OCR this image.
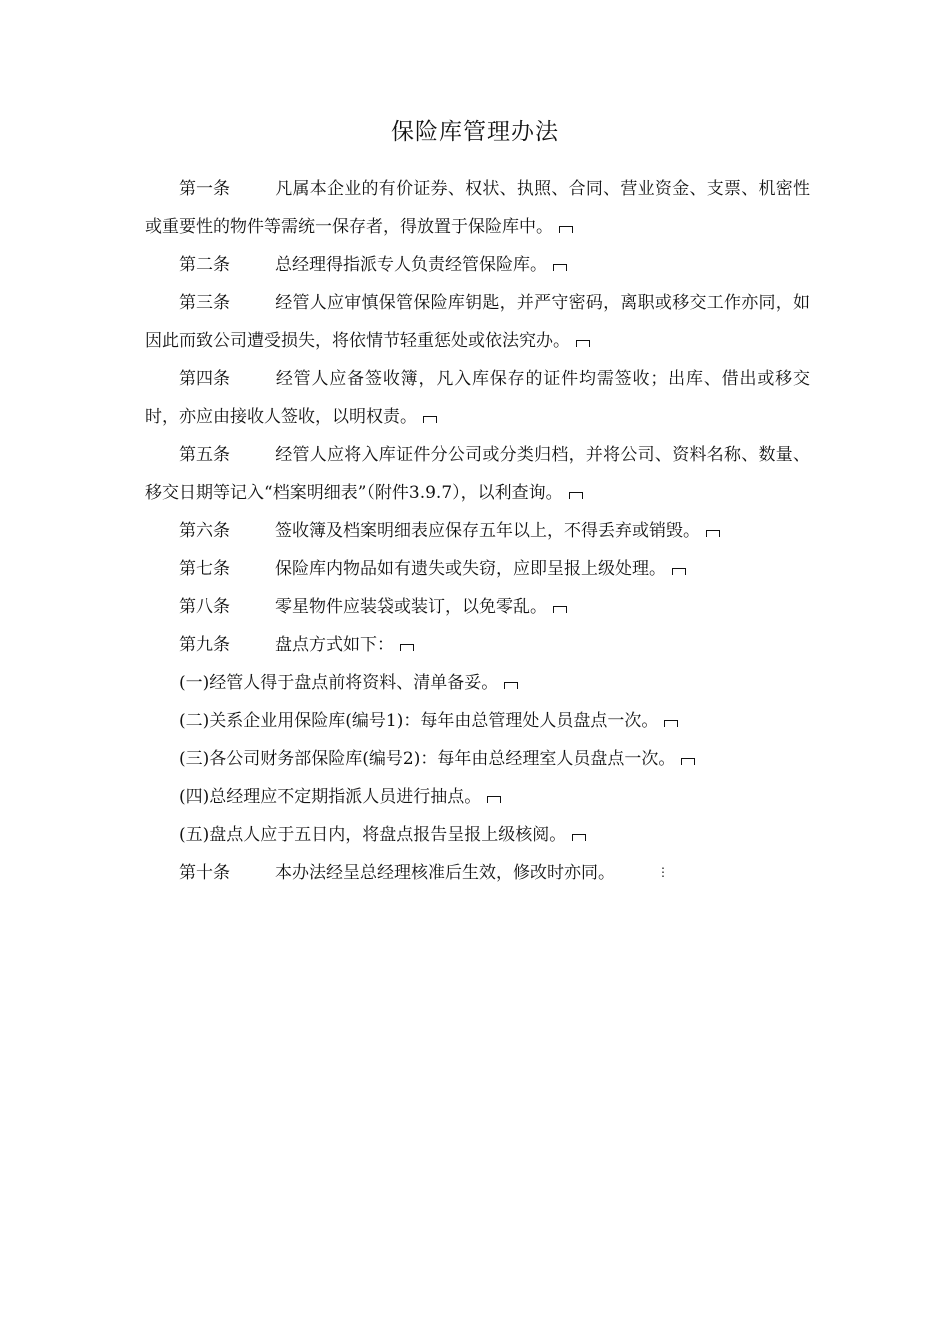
保险库管理办法

第一条	凡属本企业的有价证券、权状、执照、合同、营业资金、支票、机密性或重要性的物件等需统一保存者，得放置于保险库中。

第二条	总经理得指派专人负责经管保险库。

第三条	经管人应审慎保管保险库钥匙，并严守密码，离职或移交工作亦同，如因此而致公司遭受损失，将依情节轻重惩处或依法究办。

第四条	经管人应备签收簿，凡入库保存的证件均需签收；出库、借出或移交时，亦应由接收人签收，以明权责。

第五条	经管人应将入库证件分公司或分类归档，并将公司、资料名称、数量、移交日期等记入“档案明细表”（附件3.9.7），以利查询。

第六条	签收簿及档案明细表应保存五年以上，不得丢弃或销毁。

第七条	保险库内物品如有遗失或失窃，应即呈报上级处理。

第八条	零星物件应装袋或装订，以免零乱。

第九条	盘点方式如下：

(一)经管人得于盘点前将资料、清单备妥。

(二)关系企业用保险库(编号1)：每年由总管理处人员盘点一次。

(三)各公司财务部保险库(编号2)：每年由总经理室人员盘点一次。

(四)总经理应不定期指派人员进行抽点。

(五)盘点人应于五日内，将盘点报告呈报上级核阅。

第十条	本办法经呈总经理核准后生效，修改时亦同。	⋮
